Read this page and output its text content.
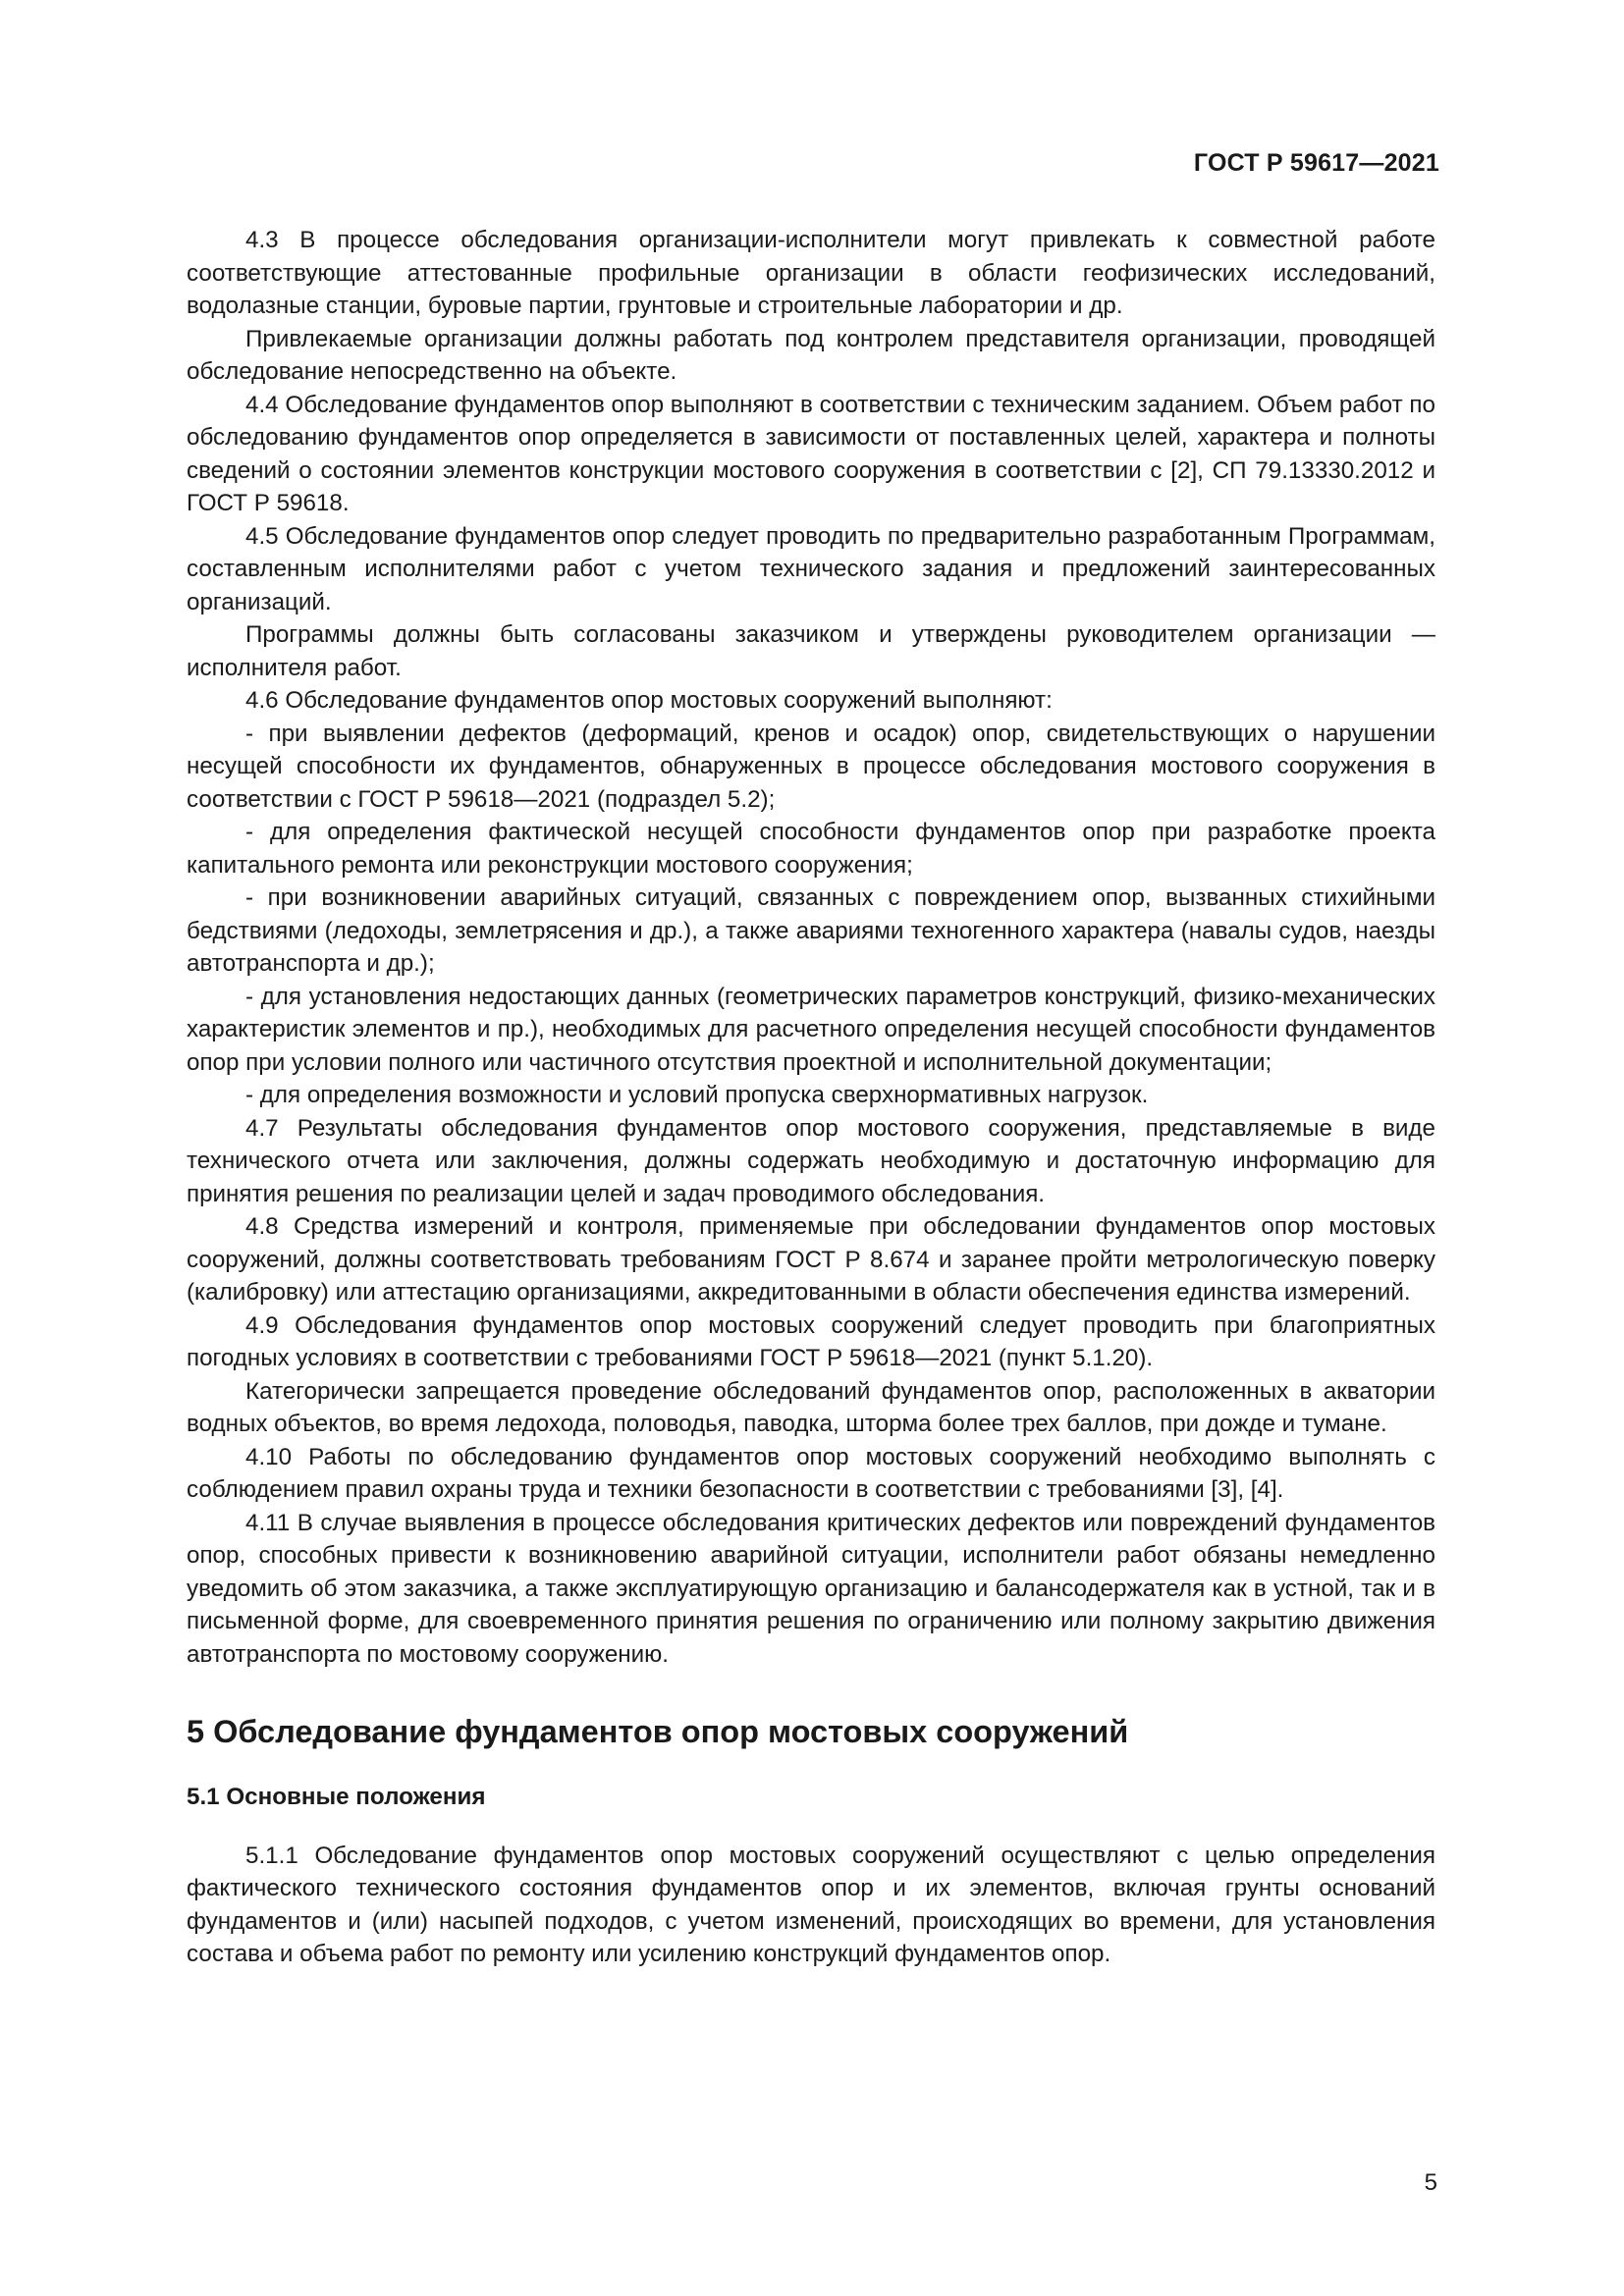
ГОСТ Р 59617—2021

4.3 В процессе обследования организации-исполнители могут привлекать к совместной работе соответствующие аттестованные профильные организации в области геофизических исследований, водолазные станции, буровые партии, грунтовые и строительные лаборатории и др.

Привлекаемые организации должны работать под контролем представителя организации, проводящей обследование непосредственно на объекте.

4.4 Обследование фундаментов опор выполняют в соответствии с техническим заданием. Объем работ по обследованию фундаментов опор определяется в зависимости от поставленных целей, характера и полноты сведений о состоянии элементов конструкции мостового сооружения в соответствии с [2], СП 79.13330.2012 и ГОСТ Р 59618.

4.5 Обследование фундаментов опор следует проводить по предварительно разработанным Программам, составленным исполнителями работ с учетом технического задания и предложений заинтересованных организаций.

Программы должны быть согласованы заказчиком и утверждены руководителем организации — исполнителя работ.

4.6 Обследование фундаментов опор мостовых сооружений выполняют:

- при выявлении дефектов (деформаций, кренов и осадок) опор, свидетельствующих о нарушении несущей способности их фундаментов, обнаруженных в процессе обследования мостового сооружения в соответствии с ГОСТ Р 59618—2021 (подраздел 5.2);

- для определения фактической несущей способности фундаментов опор при разработке проекта капитального ремонта или реконструкции мостового сооружения;

- при возникновении аварийных ситуаций, связанных с повреждением опор, вызванных стихийными бедствиями (ледоходы, землетрясения и др.), а также авариями техногенного характера (навалы судов, наезды автотранспорта и др.);

- для установления недостающих данных (геометрических параметров конструкций, физико-механических характеристик элементов и пр.), необходимых для расчетного определения несущей способности фундаментов опор при условии полного или частичного отсутствия проектной и исполнительной документации;

- для определения возможности и условий пропуска сверхнормативных нагрузок.

4.7 Результаты обследования фундаментов опор мостового сооружения, представляемые в виде технического отчета или заключения, должны содержать необходимую и достаточную информацию для принятия решения по реализации целей и задач проводимого обследования.

4.8 Средства измерений и контроля, применяемые при обследовании фундаментов опор мостовых сооружений, должны соответствовать требованиям ГОСТ Р 8.674 и заранее пройти метрологическую поверку (калибровку) или аттестацию организациями, аккредитованными в области обеспечения единства измерений.

4.9 Обследования фундаментов опор мостовых сооружений следует проводить при благоприятных погодных условиях в соответствии с требованиями ГОСТ Р 59618—2021 (пункт 5.1.20).

Категорически запрещается проведение обследований фундаментов опор, расположенных в акватории водных объектов, во время ледохода, половодья, паводка, шторма более трех баллов, при дожде и тумане.

4.10 Работы по обследованию фундаментов опор мостовых сооружений необходимо выполнять с соблюдением правил охраны труда и техники безопасности в соответствии с требованиями [3], [4].

4.11 В случае выявления в процессе обследования критических дефектов или повреждений фундаментов опор, способных привести к возникновению аварийной ситуации, исполнители работ обязаны немедленно уведомить об этом заказчика, а также эксплуатирующую организацию и балансодержателя как в устной, так и в письменной форме, для своевременного принятия решения по ограничению или полному закрытию движения автотранспорта по мостовому сооружению.

5 Обследование фундаментов опор мостовых сооружений
5.1 Основные положения

5.1.1 Обследование фундаментов опор мостовых сооружений осуществляют с целью определения фактического технического состояния фундаментов опор и их элементов, включая грунты оснований фундаментов и (или) насыпей подходов, с учетом изменений, происходящих во времени, для установления состава и объема работ по ремонту или усилению конструкций фундаментов опор.

5
